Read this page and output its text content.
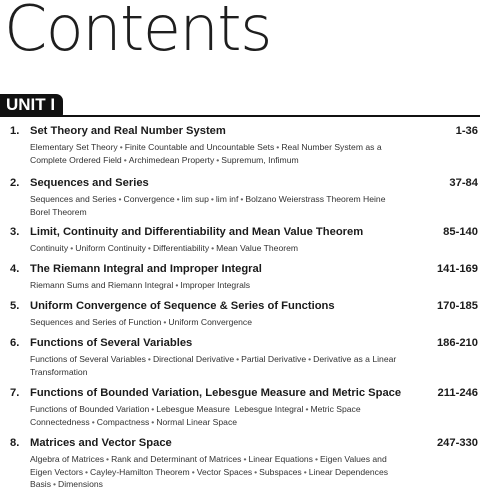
Contents
UNIT I
1. Set Theory and Real Number System	1-36
Elementary Set Theory • Finite Countable and Uncountable Sets • Real Number System as a Complete Ordered Field • Archimedean Property • Supremum, Infimum
2. Sequences and Series	37-84
Sequences and Series • Convergence • lim sup • lim inf • Bolzano Weierstrass Theorem Heine Borel Theorem
3. Limit, Continuity and Differentiability and Mean Value Theorem	85-140
Continuity • Uniform Continuity • Differentiability • Mean Value Theorem
4. The Riemann Integral and Improper Integral	141-169
Riemann Sums and Riemann Integral • Improper Integrals
5. Uniform Convergence of Sequence & Series of Functions	170-185
Sequences and Series of Function • Uniform Convergence
6. Functions of Several Variables	186-210
Functions of Several Variables • Directional Derivative • Partial Derivative • Derivative as a Linear Transformation
7. Functions of Bounded Variation, Lebesgue Measure and Metric Space	211-246
Functions of Bounded Variation • Lebesgue Measure Lebesgue Integral • Metric Space Connectedness • Compactness • Normal Linear Space
8. Matrices and Vector Space	247-330
Algebra of Matrices • Rank and Determinant of Matrices • Linear Equations • Eigen Values and Eigen Vectors • Cayley-Hamilton Theorem • Vector Spaces • Subspaces • Linear Dependences Basis • Dimensions
